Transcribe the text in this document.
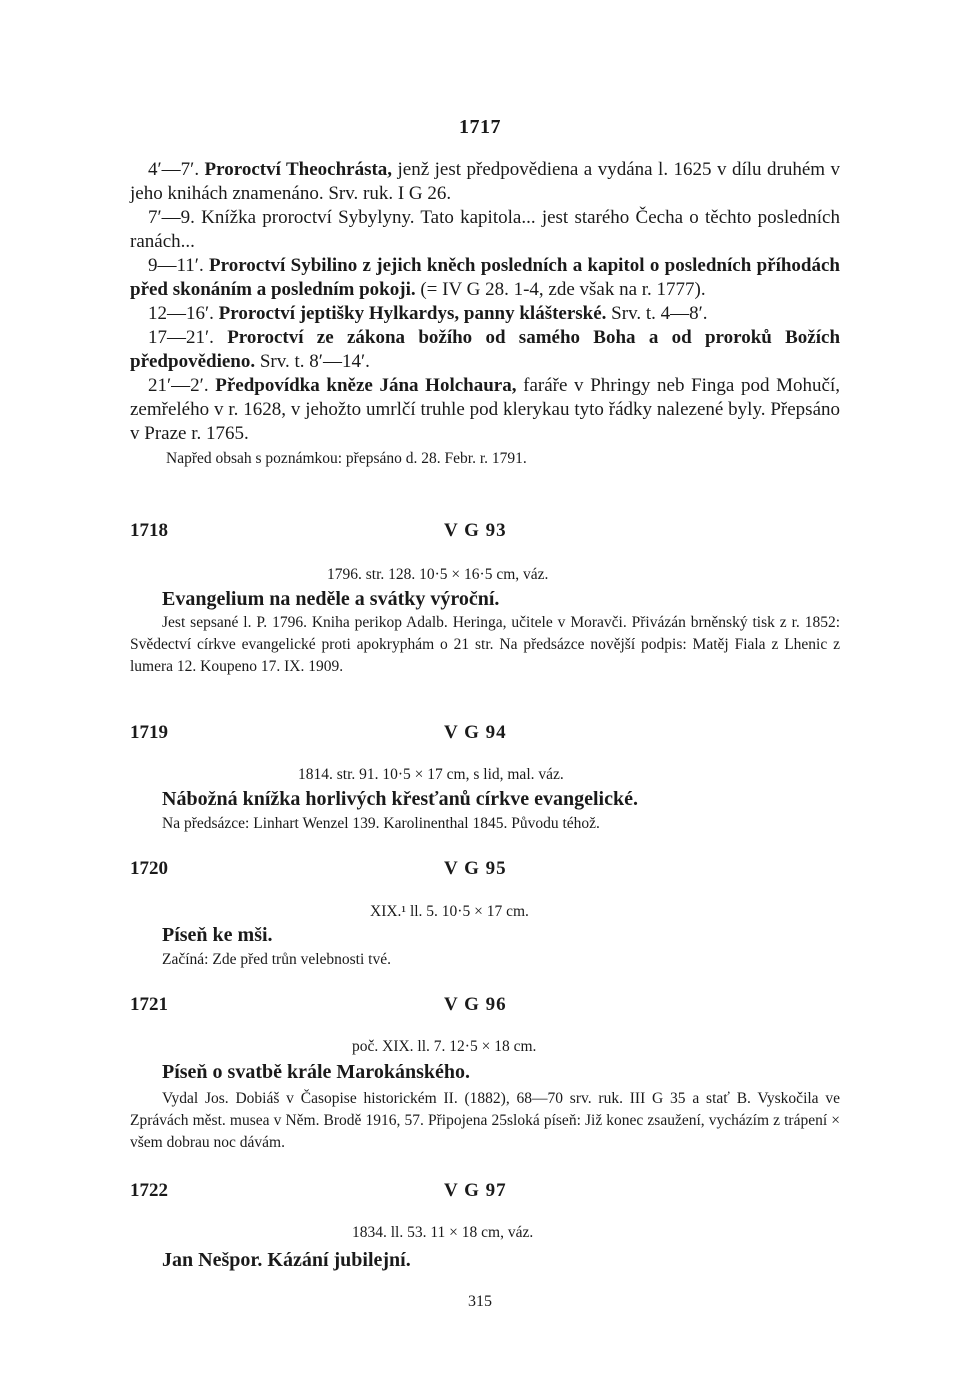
1717

4′—7′. Proroctví Theochrásta, jenž jest předpovědiena a vydána l. 1625 v dílu druhém v jeho knihách znamenáno. Srv. ruk. I G 26.

7′—9. Knížka proroctví Sybylyny. Tato kapitola... jest starého Čecha o těchto posledních ranách...

9—11′. Proroctví Sybilino z jejich kněch posledních a kapitol o posledních příhodách před skonáním a posledním pokoji. (= IV G 28. 1-4, zde však na r. 1777).

12—16′. Proroctví jeptišky Hylkardys, panny klášterské. Srv. t. 4—8′.

17—21′. Proroctví ze zákona božího od samého Boha a od proroků Božích předpovědieno. Srv. t. 8′—14′.

21′—2′. Předpovídka kněze Jána Holchaura, faráře v Phringy neb Finga pod Mohučí, zemřelého v r. 1628, v jehožto umrlčí truhle pod klerykau tyto řádky nalezené byly. Přepsáno v Praze r. 1765.

Napřed obsah s poznámkou: přepsáno d. 28. Febr. r. 1791.

1718	V G 93
1796. str. 128. 10·5 × 16·5 cm, váz.
Evangelium na neděle a svátky výroční.
Jest sepsané l. P. 1796. Kniha perikop Adalb. Heringa, učitele v Moravči. Přivázán brněnský tisk z r. 1852: Svědectví církve evangelické proti apokryphám o 21 str. Na předsázce novější podpis: Matěj Fiala z Lhenic z lumera 12. Koupeno 17. IX. 1909.
1719	V G 94
1814. str. 91. 10·5 × 17 cm, s lid, mal. váz.
Nábožná knížka horlivých křesťanů církve evangelické.
Na předsázce: Linhart Wenzel 139. Karolinenthal 1845. Původu téhož.
1720	V G 95
XIX.¹ ll. 5. 10·5 × 17 cm.
Píseň ke mši.
Začíná: Zde před trůn velebnosti tvé.
1721	V G 96
poč. XIX. ll. 7. 12·5 × 18 cm.
Píseň o svatbě krále Marokánského.
Vydal Jos. Dobiáš v Časopise historickém II. (1882), 68—70 srv. ruk. III G 35 a stať B. Vyskočila ve Zprávách měst. musea v Něm. Brodě 1916, 57. Připojena 25sloká píseň: Již konec zsaužení, vycházím z trápení × všem dobrau noc dávám.
1722	V G 97
1834. ll. 53. 11 × 18 cm, váz.
Jan Nešpor. Kázání jubilejní.
315
